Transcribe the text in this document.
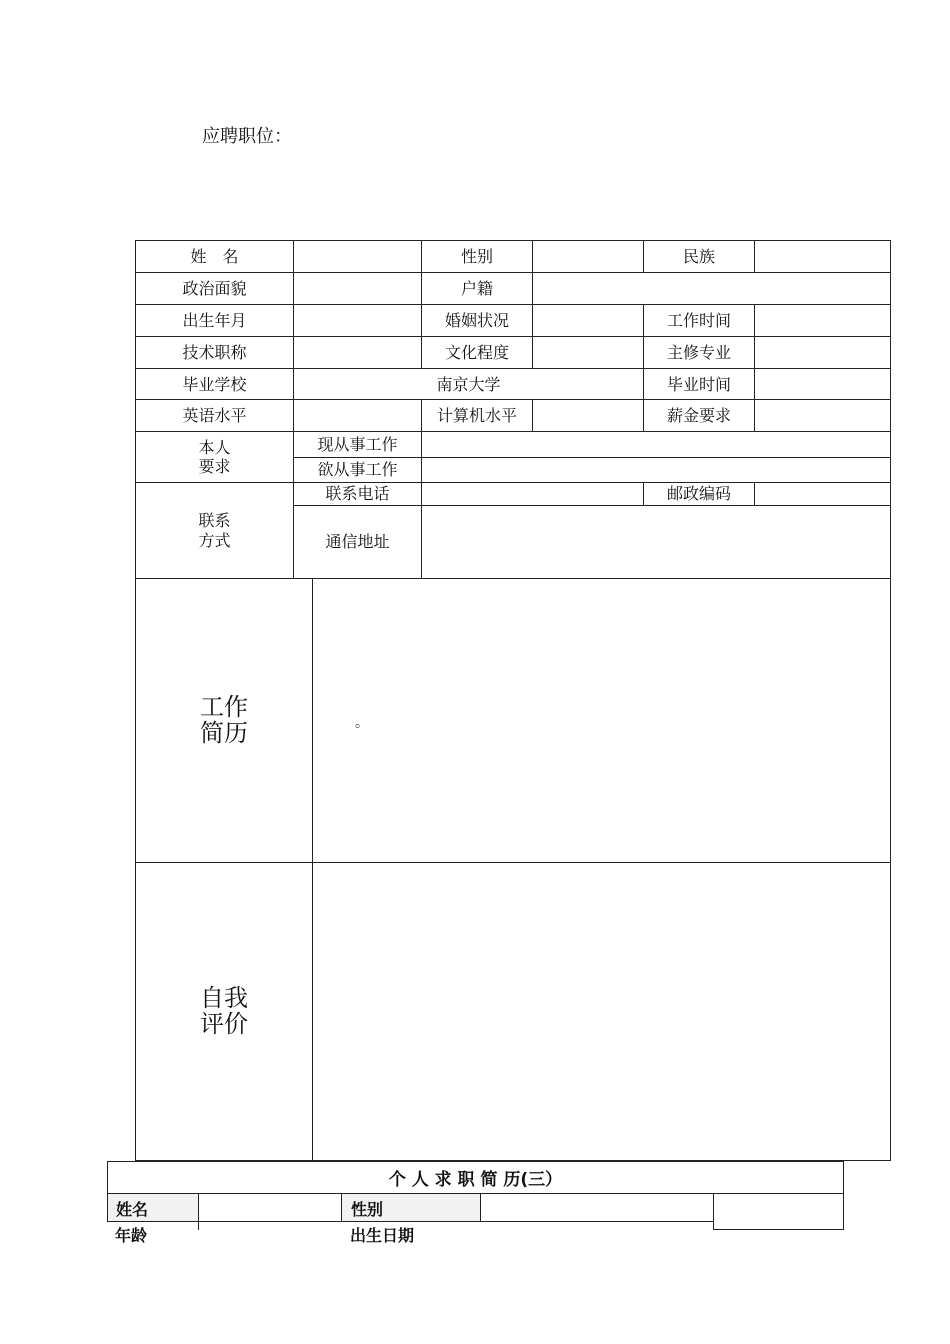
应聘职位：
姓　名	性别	民族
政治面貌	户籍
出生年月	婚姻状况	工作时间
技术职称	文化程度	主修专业
毕业学校	南京大学	毕业时间
英语水平	计算机水平	薪金要求
本人
要求
现从事工作
欲从事工作
联系
方式
联系电话	邮政编码
通信地址
工作
简历	。
自我
评价
个 人 求 职 简 历(三）
姓名	性别
年龄	出生日期
